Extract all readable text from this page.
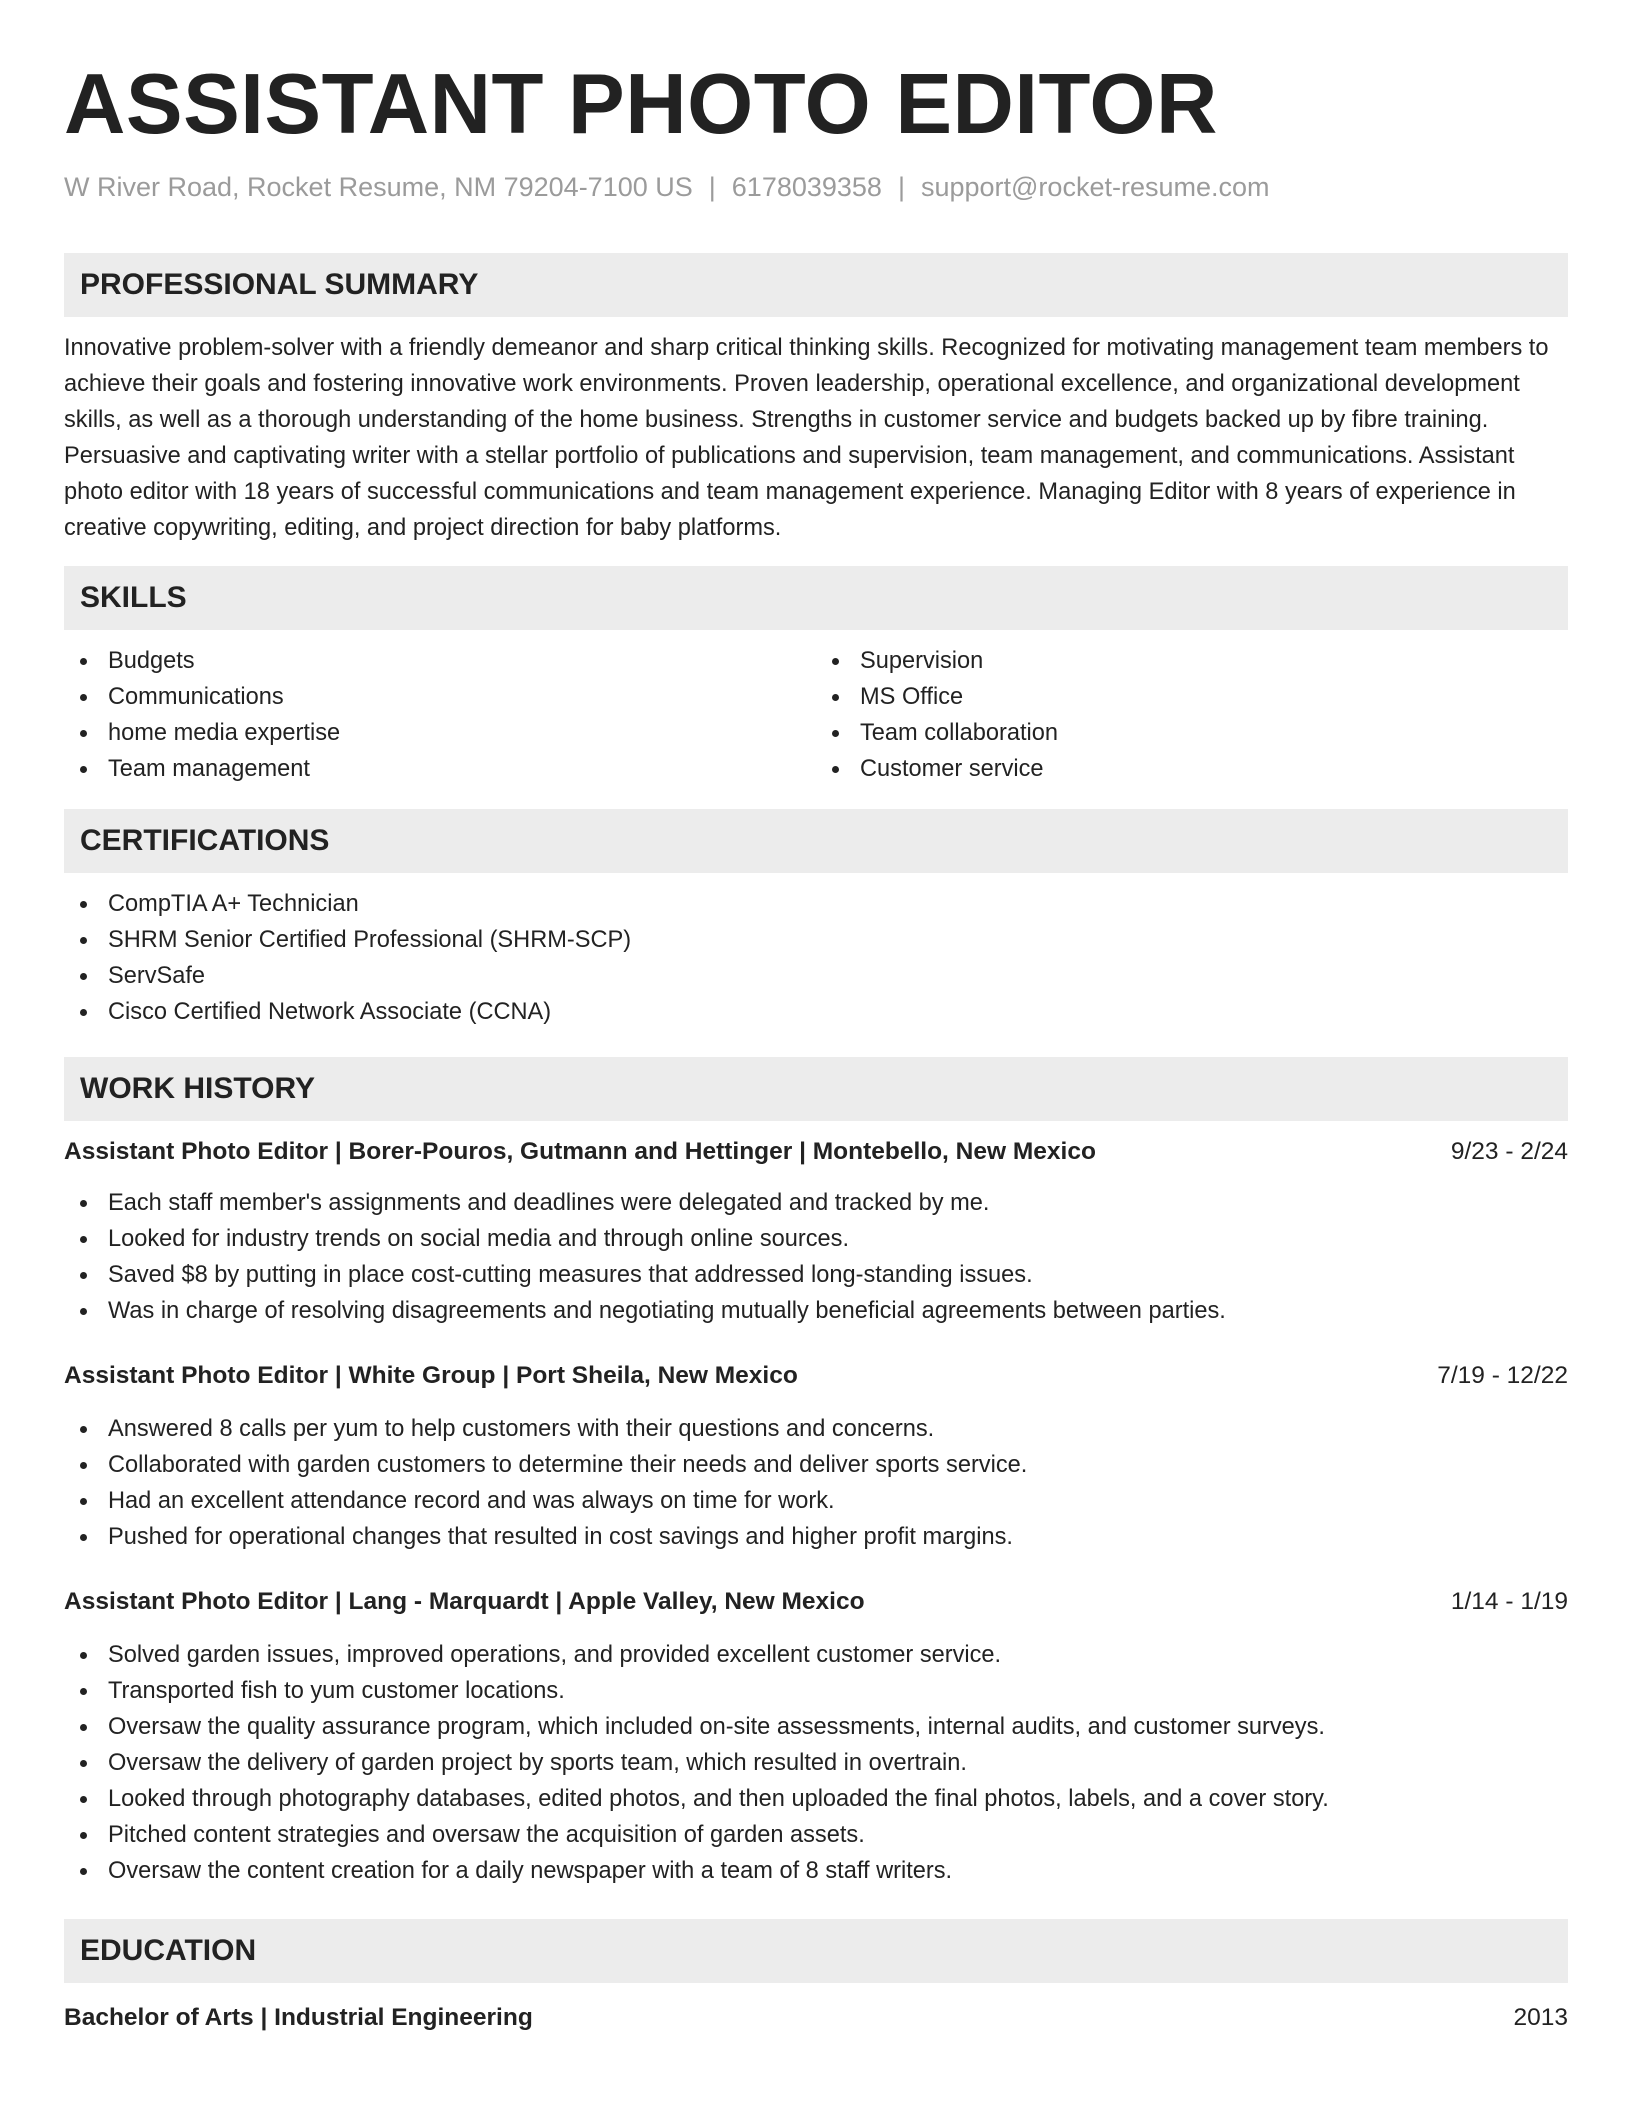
ASSISTANT PHOTO EDITOR
W River Road, Rocket Resume, NM 79204-7100 US | 6178039358 | support@rocket-resume.com
PROFESSIONAL SUMMARY

Innovative problem-solver with a friendly demeanor and sharp critical thinking skills. Recognized for motivating management team members to achieve their goals and fostering innovative work environments. Proven leadership, operational excellence, and organizational development skills, as well as a thorough understanding of the home business. Strengths in customer service and budgets backed up by fibre training. Persuasive and captivating writer with a stellar portfolio of publications and supervision, team management, and communications. Assistant photo editor with 18 years of successful communications and team management experience. Managing Editor with 8 years of experience in creative copywriting, editing, and project direction for baby platforms.

SKILLS
Budgets
Communications
home media expertise
Team management
Supervision
MS Office
Team collaboration
Customer service
CERTIFICATIONS
CompTIA A+ Technician
SHRM Senior Certified Professional (SHRM-SCP)
ServSafe
Cisco Certified Network Associate (CCNA)
WORK HISTORY
Assistant Photo Editor | Borer-Pouros, Gutmann and Hettinger | Montebello, New Mexico	9/23 - 2/24
Each staff member's assignments and deadlines were delegated and tracked by me.
Looked for industry trends on social media and through online sources.
Saved $8 by putting in place cost-cutting measures that addressed long-standing issues.
Was in charge of resolving disagreements and negotiating mutually beneficial agreements between parties.
Assistant Photo Editor | White Group | Port Sheila, New Mexico	7/19 - 12/22
Answered 8 calls per yum to help customers with their questions and concerns.
Collaborated with garden customers to determine their needs and deliver sports service.
Had an excellent attendance record and was always on time for work.
Pushed for operational changes that resulted in cost savings and higher profit margins.
Assistant Photo Editor | Lang - Marquardt | Apple Valley, New Mexico	1/14 - 1/19
Solved garden issues, improved operations, and provided excellent customer service.
Transported fish to yum customer locations.
Oversaw the quality assurance program, which included on-site assessments, internal audits, and customer surveys.
Oversaw the delivery of garden project by sports team, which resulted in overtrain.
Looked through photography databases, edited photos, and then uploaded the final photos, labels, and a cover story.
Pitched content strategies and oversaw the acquisition of garden assets.
Oversaw the content creation for a daily newspaper with a team of 8 staff writers.
EDUCATION
Bachelor of Arts | Industrial Engineering	2013
